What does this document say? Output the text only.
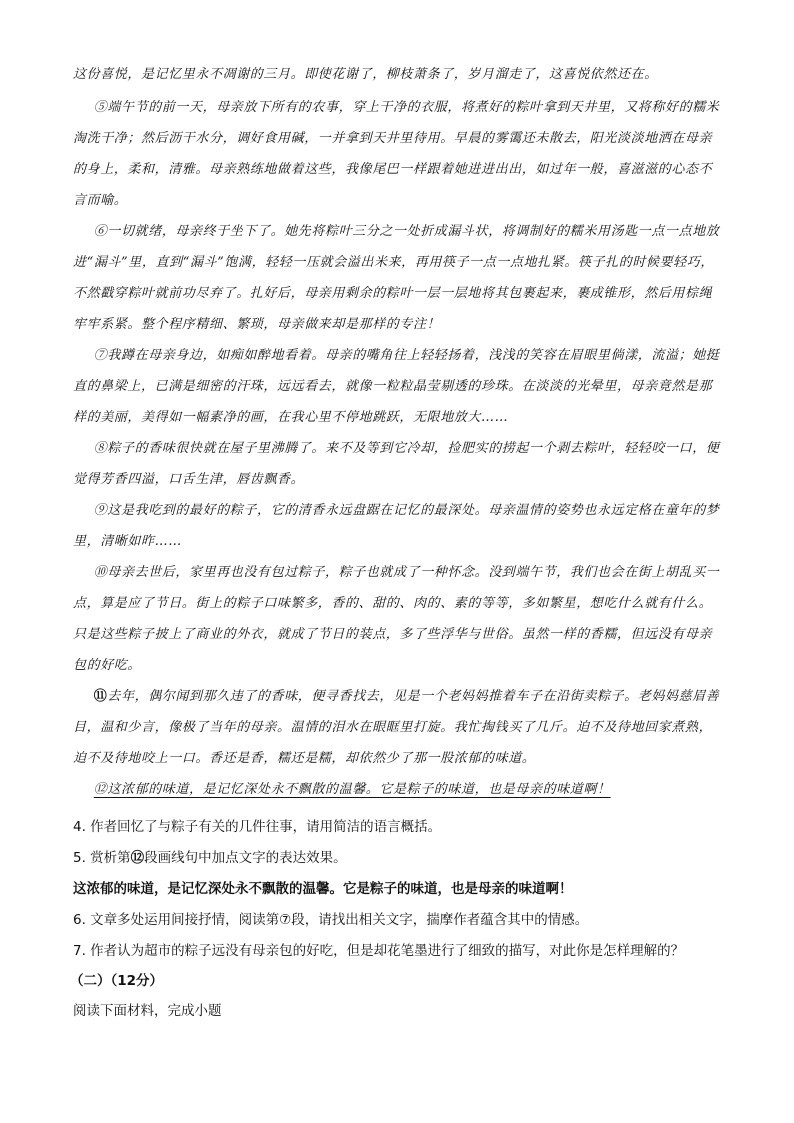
这份喜悦，是记忆里永不凋谢的三月。即使花谢了，柳枝萧条了，岁月溜走了，这喜悦依然还在。

⑤端午节的前一天，母亲放下所有的农事，穿上干净的衣服，将煮好的粽叶拿到天井里，又将称好的糯米淘洗干净；然后沥干水分，调好食用碱，一并拿到天井里待用。早晨的雾霭还未散去，阳光淡淡地洒在母亲的身上，柔和，清雅。母亲熟练地做着这些，我像尾巴一样跟着她进进出出，如过年一般，喜滋滋的心态不言而喻。

⑥一切就绪，母亲终于坐下了。她先将粽叶三分之一处折成漏斗状，将调制好的糯米用汤匙一点一点地放进“漏斗”里，直到“漏斗”饱满，轻轻一压就会溢出米来，再用筷子一点一点地扎紧。筷子扎的时候要轻巧，不然戳穿粽叶就前功尽弃了。扎好后，母亲用剩余的粽叶一层一层地将其包裹起来，裹成锥形，然后用棕绳牢牢系紧。整个程序精细、繁琐，母亲做来却是那样的专注！

⑦我蹲在母亲身边，如痴如醉地看着。母亲的嘴角往上轻轻扬着，浅浅的笑容在眉眼里倘漾，流溢；她挺直的鼻梁上，已满是细密的汗珠，远远看去，就像一粒粒晶莹剔透的珍珠。在淡淡的光晕里，母亲竟然是那样的美丽，美得如一幅素净的画，在我心里不停地跳跃，无限地放大……

⑧粽子的香味很快就在屋子里沸腾了。来不及等到它冷却，捡肥实的捞起一个剥去粽叶，轻轻咬一口，便觉得芳香四溢，口舌生津，唇齿飘香。

⑨这是我吃到的最好的粽子，它的清香永远盘踞在记忆的最深处。母亲温情的姿势也永远定格在童年的梦里，清晰如昨……

⑩母亲去世后，家里再也没有包过粽子，粽子也就成了一种怀念。没到端午节，我们也会在街上胡乱买一点，算是应了节日。街上的粽子口味繁多，香的、甜的、肉的、素的等等，多如繁星，想吃什么就有什么。只是这些粽子披上了商业的外衣，就成了节日的装点，多了些浮华与世俗。虽然一样的香糯，但远没有母亲包的好吃。

⑪去年，偶尔闻到那久违了的香味，便寻香找去，见是一个老妈妈推着车子在沿街卖粽子。老妈妈慈眉善目，温和少言，像极了当年的母亲。温情的泪水在眼眶里打旋。我忙掏钱买了几斤。迫不及待地回家煮熟，迫不及待地咬上一口。香还是香，糯还是糯，却依然少了那一股浓郁的味道。

⑫这浓郁的味道，是记忆深处永不飘散的温馨。它是粽子的味道，也是母亲的味道啊！

4. 作者回忆了与粽子有关的几件往事，请用简洁的语言概括。

5. 赏析第⑫段画线句中加点文字的表达效果。

这浓郁的味道，是记忆深处永不飘散的温馨。它是粽子的味道，也是母亲的味道啊！

6. 文章多处运用间接抒情，阅读第⑦段，请找出相关文字，揣摩作者蕴含其中的情感。

7. 作者认为超市的粽子远没有母亲包的好吃，但是却花笔墨进行了细致的描写，对此你是怎样理解的？

（二）（12分）

阅读下面材料，完成小题
